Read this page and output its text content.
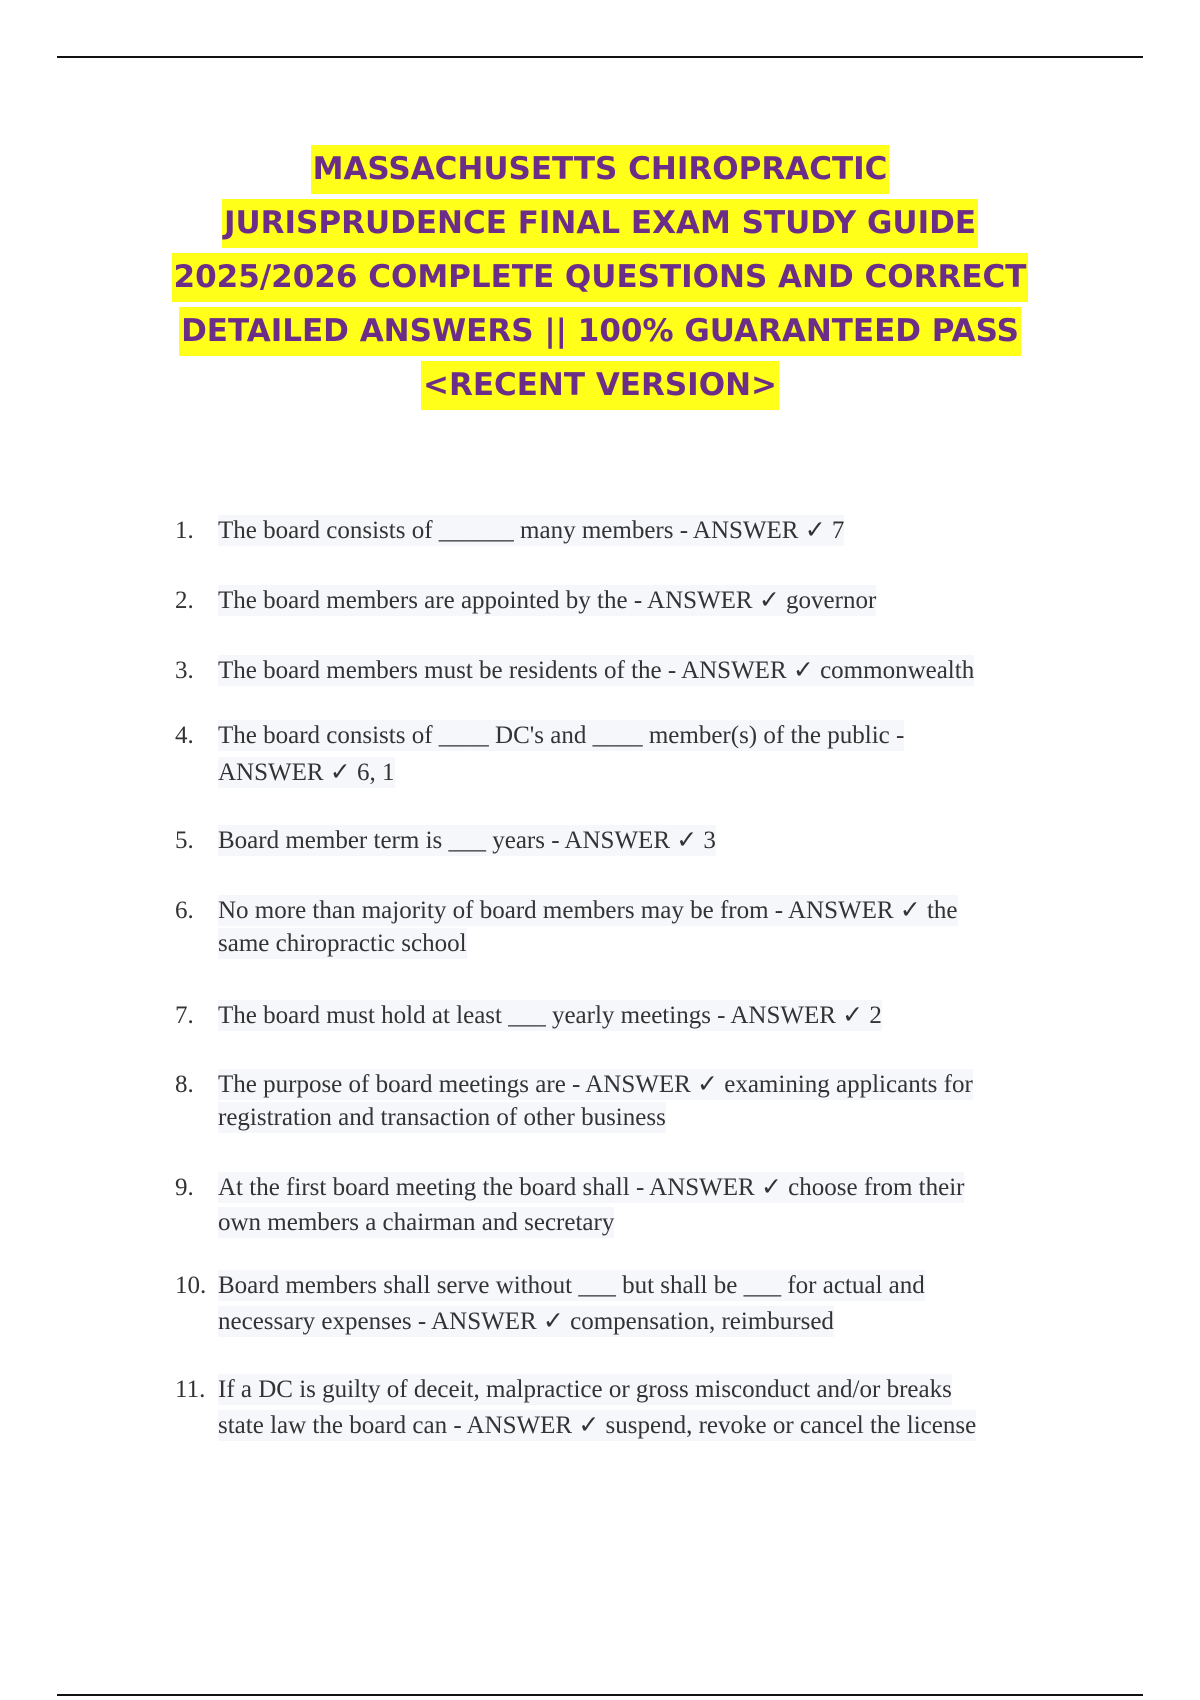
MASSACHUSETTS CHIROPRACTIC
JURISPRUDENCE FINAL EXAM STUDY GUIDE
2025/2026 COMPLETE QUESTIONS AND CORRECT
DETAILED ANSWERS || 100% GUARANTEED PASS
<RECENT VERSION>
1. The board consists of ______ many members - ANSWER ✓ 7
2. The board members are appointed by the - ANSWER ✓ governor
3. The board members must be residents of the - ANSWER ✓ commonwealth
4. The board consists of ____ DC's and ____ member(s) of the public -
ANSWER ✓ 6, 1
5. Board member term is ___ years - ANSWER ✓ 3
6. No more than majority of board members may be from - ANSWER ✓ the
same chiropractic school
7. The board must hold at least ___ yearly meetings - ANSWER ✓ 2
8. The purpose of board meetings are - ANSWER ✓ examining applicants for
registration and transaction of other business
9. At the first board meeting the board shall - ANSWER ✓ choose from their
own members a chairman and secretary
10. Board members shall serve without ___ but shall be ___ for actual and
necessary expenses - ANSWER ✓ compensation, reimbursed
11. If a DC is guilty of deceit, malpractice or gross misconduct and/or breaks
state law the board can - ANSWER ✓ suspend, revoke or cancel the license
